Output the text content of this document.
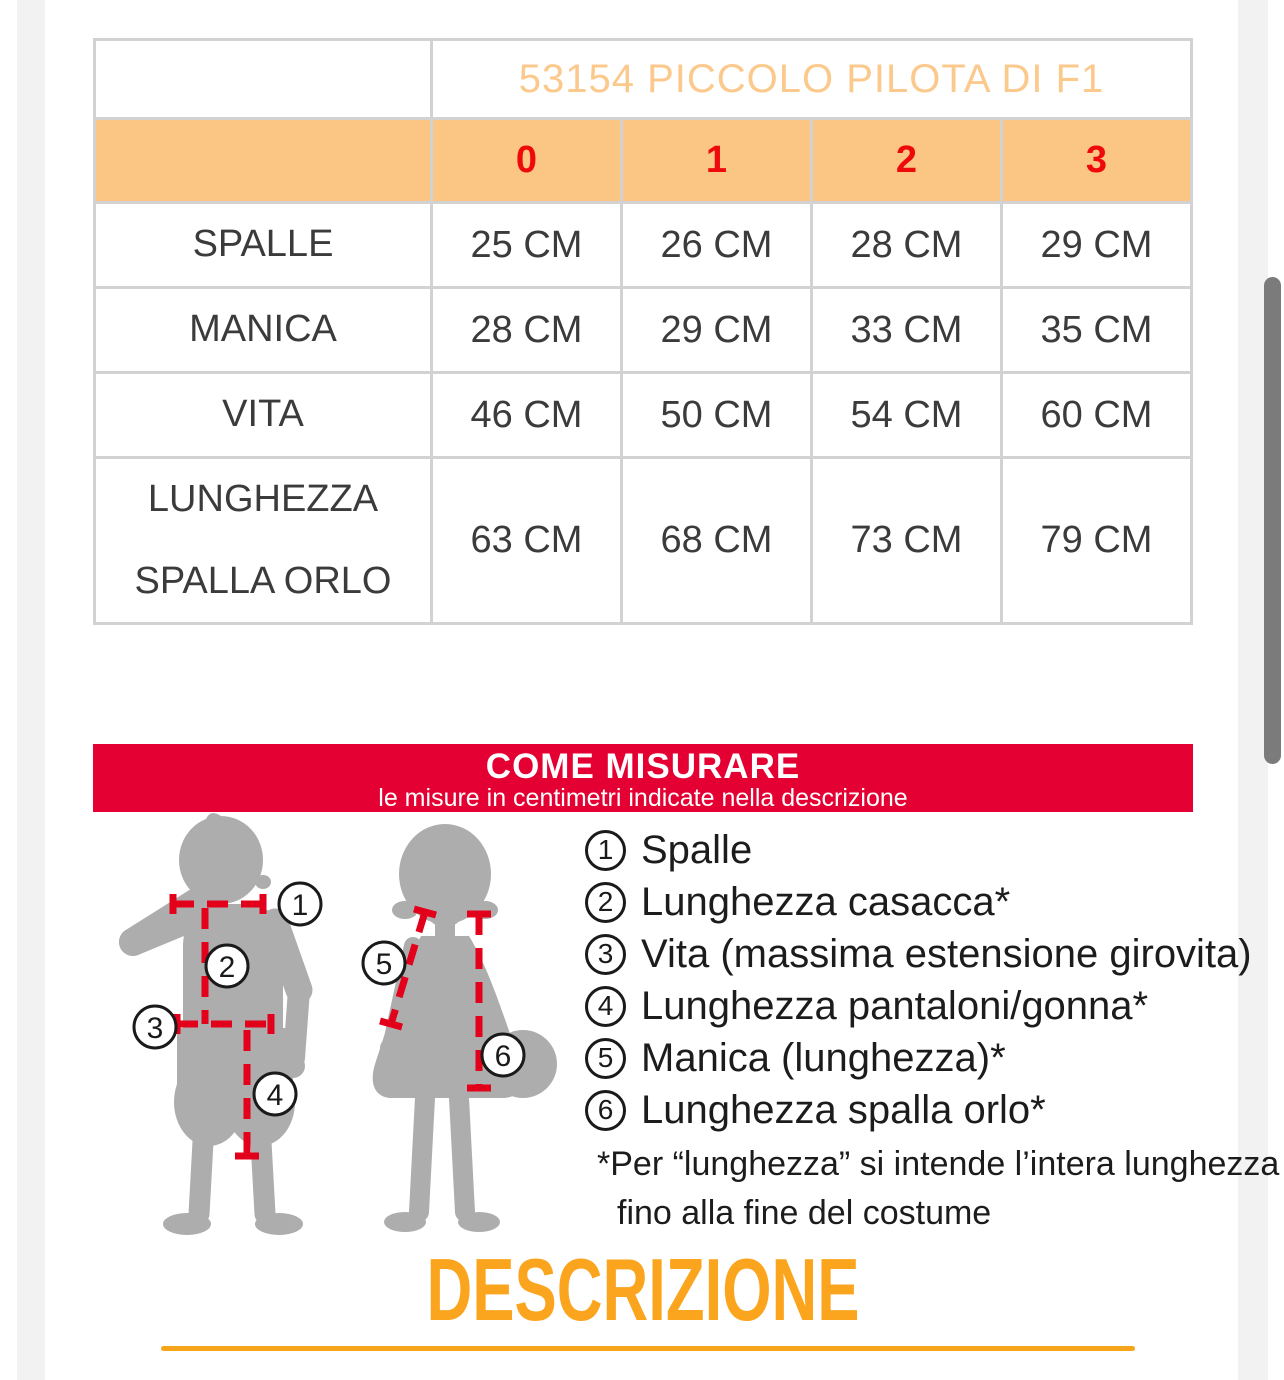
	53154 PICCOLO PILOTA DI F1			
	0	1	2	3
SPALLE	25 CM	26 CM	28 CM	29 CM
MANICA	28 CM	29 CM	33 CM	35 CM
VITA	46 CM	50 CM	54 CM	60 CM
LUNGHEZZA SPALLA ORLO	63 CM	68 CM	73 CM	79 CM
COME MISURARE
le misure in centimetri indicate nella descrizione
1
2
3
4
5
6
1 Spalle
2 Lunghezza casacca*
3 Vita (massima estensione girovita)
4 Lunghezza pantaloni/gonna*
5 Manica (lunghezza)*
6 Lunghezza spalla orlo*
*Per “lunghezza” si intende l’intera lunghezza
fino alla fine del costume
DESCRIZIONE
